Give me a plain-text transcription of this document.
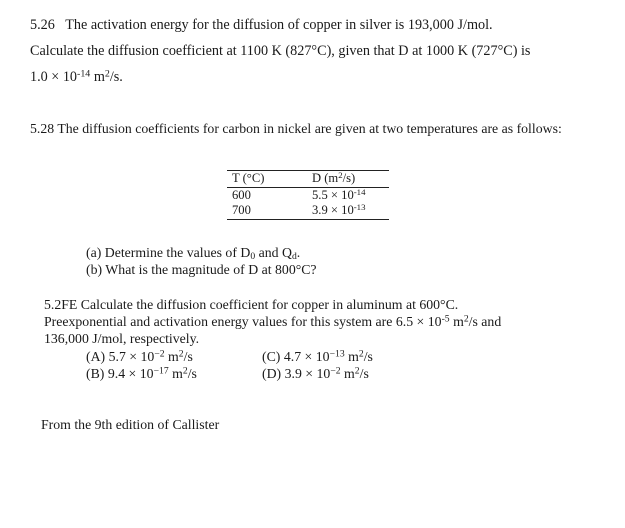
5.26 The activation energy for the diffusion of copper in silver is 193,000 J/mol.
Calculate the diffusion coefficient at 1100 K (827°C), given that D at 1000 K (727°C) is
$1.0 \times 10^{-14}$ $m^2/s$.
5.28 The diffusion coefficients for carbon in nickel are given at two temperatures are as follows:
T (°C)	D $(m^2/s)$
600	$5.5 \times 10^{-14}$
700	$3.9 \times 10^{-13}$
(a) Determine the values of $D_0$ and $Q_d$.
(b) What is the magnitude of D at 800°C?
5.2FE Calculate the diffusion coefficient for copper in aluminum at 600°C.
Preexponential and activation energy values for this system are $6.5 \times 10^{-5}$ $m^2/s$ and
136,000 J/mol, respectively.
(A) $5.7 \times 10^{-2}$ $m^2/s$
(B) $9.4 \times 10^{-17}$ $m^2/s$
(C) $4.7 \times 10^{-13}$ $m^2/s$
(D) $3.9 \times 10^{-2}$ $m^2/s$
From the 9th edition of Callister
